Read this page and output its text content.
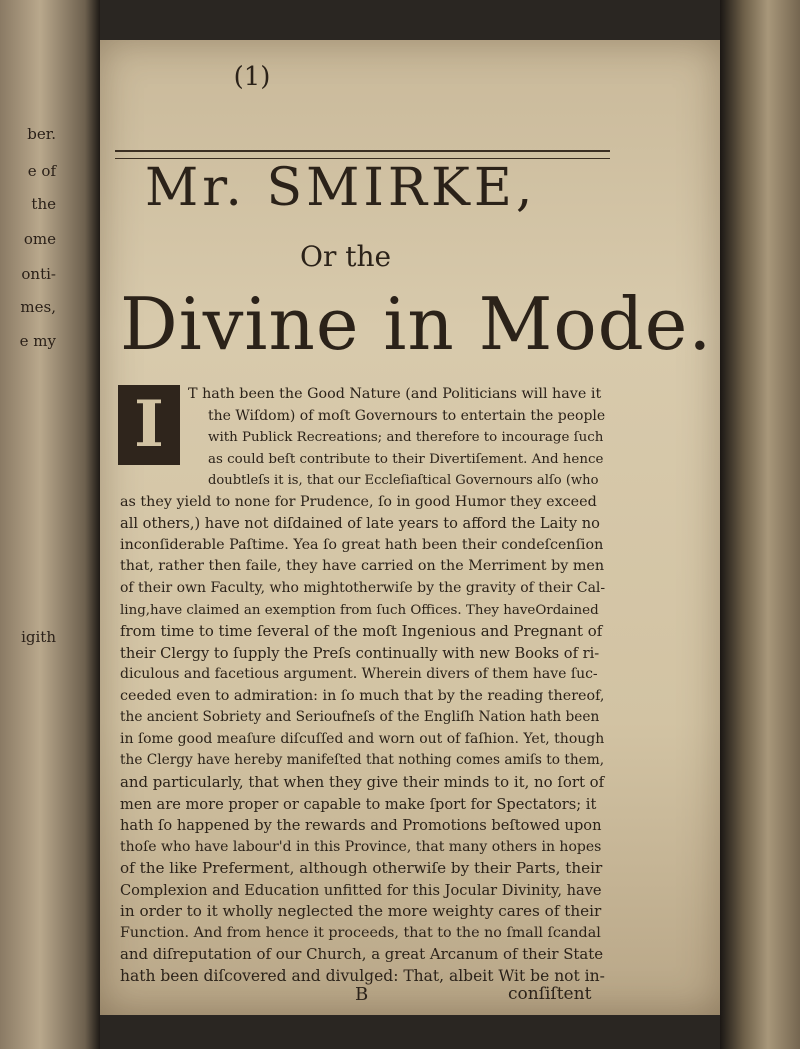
ber.
e of
the
ome
onti-
mes,
e my
igith
(1)
Mr. SMIRKE,
Or the
Divine in Mode.
I	T hath been the Good Nature (and Politicians will have it
the Wiſdom) of moſt Governours to entertain the people
with Publick Recreations; and therefore to incourage ſuch
as could beſt contribute to their Divertiſement. And hence
doubtleſs it is, that our Eccleſiaſtical Governours alſo (who
as they yield to none for Prudence, ſo in good Humor they exceed
all others,) have not diſdained of late years to afford the Laity no
inconſiderable Paſtime. Yea ſo great hath been their condeſcenſion
that, rather then faile, they have carried on the Merriment by men
of their own Faculty, who mightotherwiſe by the gravity of their Cal-
ling,have claimed an exemption from ſuch Offices. They haveOrdained
from time to time ſeveral of the moſt Ingenious and Pregnant of
their Clergy to ſupply the Preſs continually with new Books of ri-
diculous and facetious argument. Wherein divers of them have ſuc-
ceeded even to admiration: in ſo much that by the reading thereof,
the ancient Sobriety and Serioufneſs of the Engliſh Nation hath been
in ſome good meaſure diſcuſſed and worn out of faſhion. Yet, though
the Clergy have hereby manifeſted that nothing comes amiſs to them,
and particularly, that when they give their minds to it, no ſort of
men are more proper or capable to make ſport for Spectators; it
hath ſo happened by the rewards and Promotions beſtowed upon
thoſe who have labour'd in this Province, that many others in hopes
of the like Preferment, although otherwiſe by their Parts, their
Complexion and Education unfitted for this Jocular Divinity, have
in order to it wholly neglected the more weighty cares of their
Function. And from hence it proceeds, that to the no ſmall ſcandal
and diſreputation of our Church, a great Arcanum of their State
hath been diſcovered and divulged: That, albeit Wit be not in-
B	conſiſtent
